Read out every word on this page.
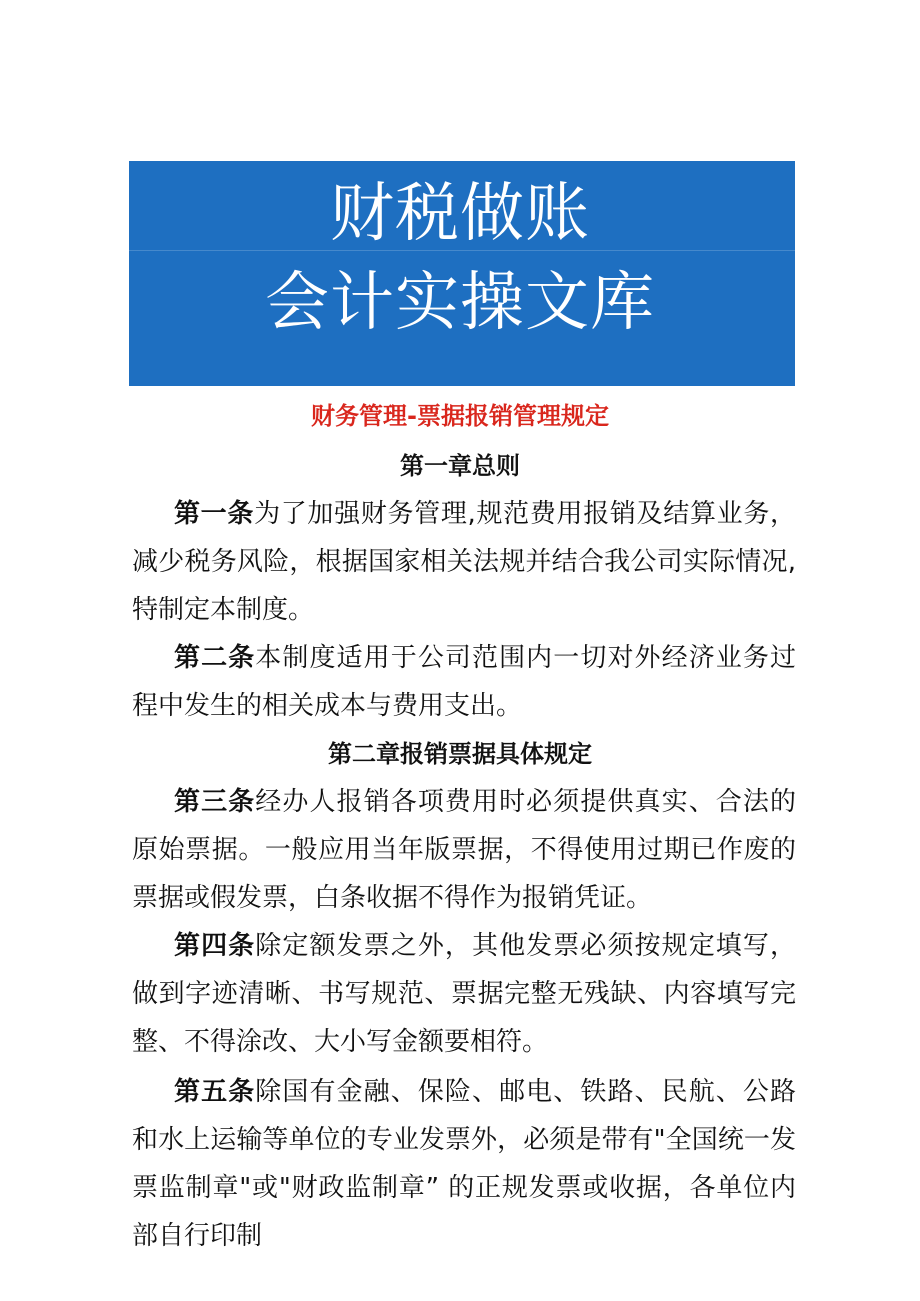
财税做账
会计实操文库
财务管理-票据报销管理规定
第一章总则

第一条为了加强财务管理,规范费用报销及结算业务，减少税务风险，根据国家相关法规并结合我公司实际情况,特制定本制度。

第二条本制度适用于公司范围内一切对外经济业务过程中发生的相关成本与费用支出。

第二章报销票据具体规定

第三条经办人报销各项费用时必须提供真实、合法的原始票据。一般应用当年版票据，不得使用过期已作废的票据或假发票，白条收据不得作为报销凭证。

第四条除定额发票之外，其他发票必须按规定填写，做到字迹清晰、书写规范、票据完整无残缺、内容填写完整、不得涂改、大小写金额要相符。

第五条除国有金融、保险、邮电、铁路、民航、公路和水上运输等单位的专业发票外，必须是带有"全国统一发票监制章"或"财政监制章” 的正规发票或收据，各单位内部自行印制
